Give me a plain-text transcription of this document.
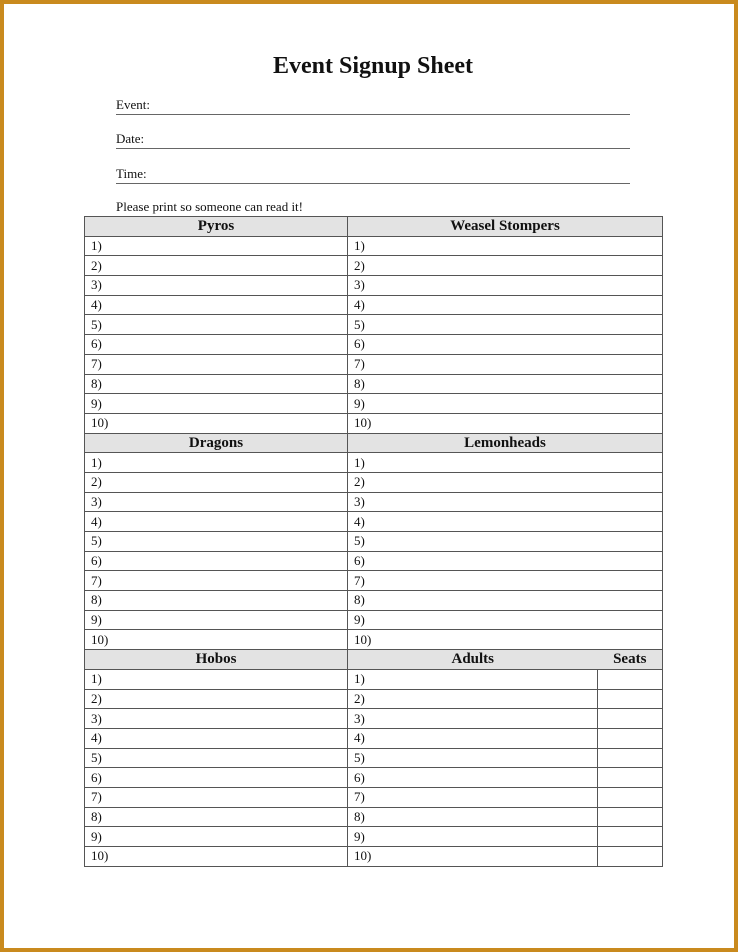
Event Signup Sheet
Event:
Date:
Time:
Please print so someone can read it!
Pyros	Weasel Stompers	
1)	1)	
2)	2)	
3)	3)	
4)	4)	
5)	5)	
6)	6)	
7)	7)	
8)	8)	
9)	9)	
10)	10)	
Dragons	Lemonheads	
1)	1)	
2)	2)	
3)	3)	
4)	4)	
5)	5)	
6)	6)	
7)	7)	
8)	8)	
9)	9)	
10)	10)	
Hobos	Adults	Seats
1)	1)	
2)	2)	
3)	3)	
4)	4)	
5)	5)	
6)	6)	
7)	7)	
8)	8)	
9)	9)	
10)	10)	
